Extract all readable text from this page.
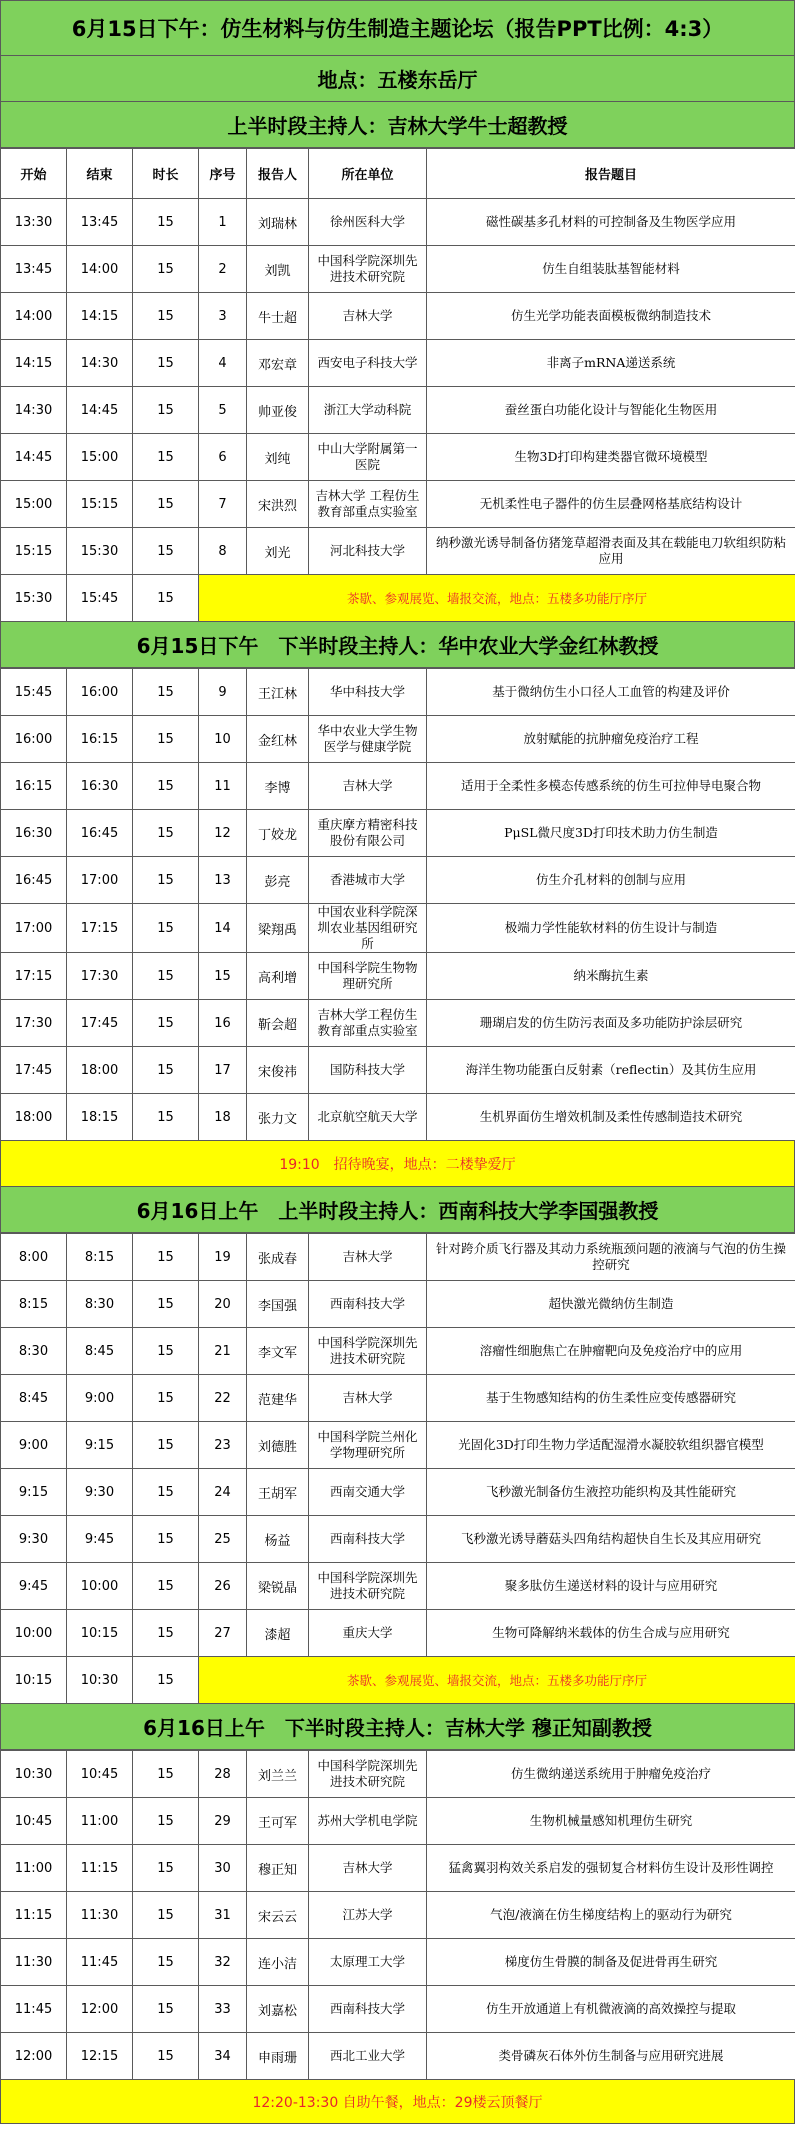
6月15日下午：仿生材料与仿生制造主题论坛（报告PPT比例：4:3）
地点：五楼东岳厅
上半时段主持人：吉林大学牛士超教授
开始	结束	时长	序号	报告人	所在单位	报告题目
13:30	13:45	15	1	刘瑞林	徐州医科大学	磁性碳基多孔材料的可控制备及生物医学应用
13:45	14:00	15	2	刘凯	中国科学院深圳先进技术研究院	仿生自组装肽基智能材料
14:00	14:15	15	3	牛士超	吉林大学	仿生光学功能表面模板微纳制造技术
14:15	14:30	15	4	邓宏章	西安电子科技大学	非离子mRNA递送系统
14:30	14:45	15	5	帅亚俊	浙江大学动科院	蚕丝蛋白功能化设计与智能化生物医用
14:45	15:00	15	6	刘纯	中山大学附属第一医院	生物3D打印构建类器官微环境模型
15:00	15:15	15	7	宋洪烈	吉林大学 工程仿生教育部重点实验室	无机柔性电子器件的仿生层叠网格基底结构设计
15:15	15:30	15	8	刘光	河北科技大学	纳秒激光诱导制备仿猪笼草超滑表面及其在载能电刀软组织防粘应用
15:30	15:45	15	茶歇、参观展览、墙报交流，地点：五楼多功能厅序厅			
6月15日下午　下半时段主持人：华中农业大学金红林教授
15:45	16:00	15	9	王江林	华中科技大学	基于微纳仿生小口径人工血管的构建及评价
16:00	16:15	15	10	金红林	华中农业大学生物医学与健康学院	放射赋能的抗肿瘤免疫治疗工程
16:15	16:30	15	11	李博	吉林大学	适用于全柔性多模态传感系统的仿生可拉伸导电聚合物
16:30	16:45	15	12	丁姣龙	重庆摩方精密科技股份有限公司	PμSL微尺度3D打印技术助力仿生制造
16:45	17:00	15	13	彭亮	香港城市大学	仿生介孔材料的创制与应用
17:00	17:15	15	14	梁翔禹	中国农业科学院深圳农业基因组研究所	极端力学性能软材料的仿生设计与制造
17:15	17:30	15	15	高利增	中国科学院生物物理研究所	纳米酶抗生素
17:30	17:45	15	16	靳会超	吉林大学工程仿生教育部重点实验室	珊瑚启发的仿生防污表面及多功能防护涂层研究
17:45	18:00	15	17	宋俊祎	国防科技大学	海洋生物功能蛋白反射素（reflectin）及其仿生应用
18:00	18:15	15	18	张力文	北京航空航天大学	生机界面仿生增效机制及柔性传感制造技术研究
19:10　招待晚宴，地点：二楼挚爱厅
6月16日上午　上半时段主持人：西南科技大学李国强教授
8:00	8:15	15	19	张成春	吉林大学	针对跨介质飞行器及其动力系统瓶颈问题的液滴与气泡的仿生操控研究
8:15	8:30	15	20	李国强	西南科技大学	超快激光微纳仿生制造
8:30	8:45	15	21	李文军	中国科学院深圳先进技术研究院	溶瘤性细胞焦亡在肿瘤靶向及免疫治疗中的应用
8:45	9:00	15	22	范建华	吉林大学	基于生物感知结构的仿生柔性应变传感器研究
9:00	9:15	15	23	刘德胜	中国科学院兰州化学物理研究所	光固化3D打印生物力学适配湿滑水凝胶软组织器官模型
9:15	9:30	15	24	王胡军	西南交通大学	飞秒激光制备仿生液控功能织构及其性能研究
9:30	9:45	15	25	杨益	西南科技大学	飞秒激光诱导蘑菇头四角结构超快自生长及其应用研究
9:45	10:00	15	26	梁锐晶	中国科学院深圳先进技术研究院	聚多肽仿生递送材料的设计与应用研究
10:00	10:15	15	27	漆超	重庆大学	生物可降解纳米载体的仿生合成与应用研究
10:15	10:30	15	茶歇、参观展览、墙报交流，地点：五楼多功能厅序厅			
6月16日上午　下半时段主持人：吉林大学 穆正知副教授
10:30	10:45	15	28	刘兰兰	中国科学院深圳先进技术研究院	仿生微纳递送系统用于肿瘤免疫治疗
10:45	11:00	15	29	王可军	苏州大学机电学院	生物机械量感知机理仿生研究
11:00	11:15	15	30	穆正知	吉林大学	猛禽翼羽构效关系启发的强韧复合材料仿生设计及形性调控
11:15	11:30	15	31	宋云云	江苏大学	气泡/液滴在仿生梯度结构上的驱动行为研究
11:30	11:45	15	32	连小洁	太原理工大学	梯度仿生骨膜的制备及促进骨再生研究
11:45	12:00	15	33	刘嘉松	西南科技大学	仿生开放通道上有机微液滴的高效操控与提取
12:00	12:15	15	34	申雨珊	西北工业大学	类骨磷灰石体外仿生制备与应用研究进展
12:20-13:30 自助午餐，地点：29楼云顶餐厅
